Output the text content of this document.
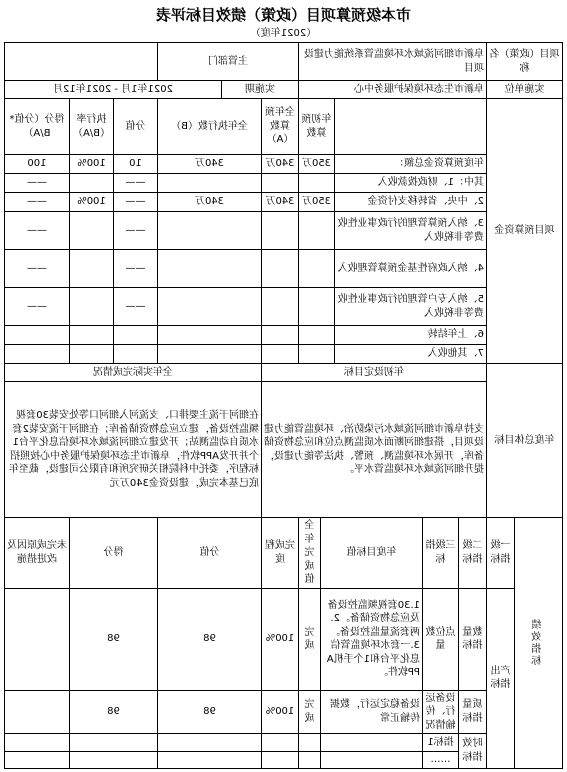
市本级预算项目（政策）绩效目标评表
（2021年度）
项目（政策）名称		阜新市细河流域水环境监管系统能力建设项目					主管部门					
实施单位		阜新市生态环境保护服务中心					实施期		2021年1月 - 2021年12月			
项目预算资金					年初预算数		全年预算数（A）	全年执行数（B）		分值	执行率（B/A）	得分（分值*B/A）
		年度预算资金总额：			350万		340万	340万		10	100%	100
		其中：1、财政拨款收入								——		——
		2、中央、省转移支付资金			350万		340万	340万		——	100%	——
		3、纳入预算管理的行政事业性收费等非税收入								——		——
		4、纳入政府性基金预算管理收入								——		——
		5、纳入专户管理的行政事业性收费等非税收入								——		——
		6、上年结转										
		7、其他收入										
年度总体目标		年初设定目标						全年实际完成情况				
		支持阜新市细河流域水污染防治、环境监管能力建设项目，搭建细河断面水质监测点位和应急物资储备库，开展水环境监测、预警、执法等能力建设，提升细河流域水环境监管水平。						在细河干流主要排口、支流河入细河口等处安装30套视频监控设备，建立应急物资储备库；在细河干流安装2套水质自动监测站；开发建立细河流域水环境信息化平台1个并开发APP软件，阜新市生态环境保护服务中心按照招标程序，委托中科院相关研究所和有限公司建设，截至年底已基本完成，建设资金340万元				
绩效指标	一级指标	二级指标	三级指标	年度目标值		全年完成值	完成程度	分值		得分		未完成原因及改进措施
	产出指标	数量指标	点位数量	1.30套视频监控设备及应急物资储备。2.两套流量监控设备。3.一套水环境监管信息化平台和1个手机APP软件。		完成	100%	98		98		
		质量指标	设备运行、传输情况	设备稳定运行，数据传输正常		完成	100%	98		98		
		时效指标	指标1									
			……									
